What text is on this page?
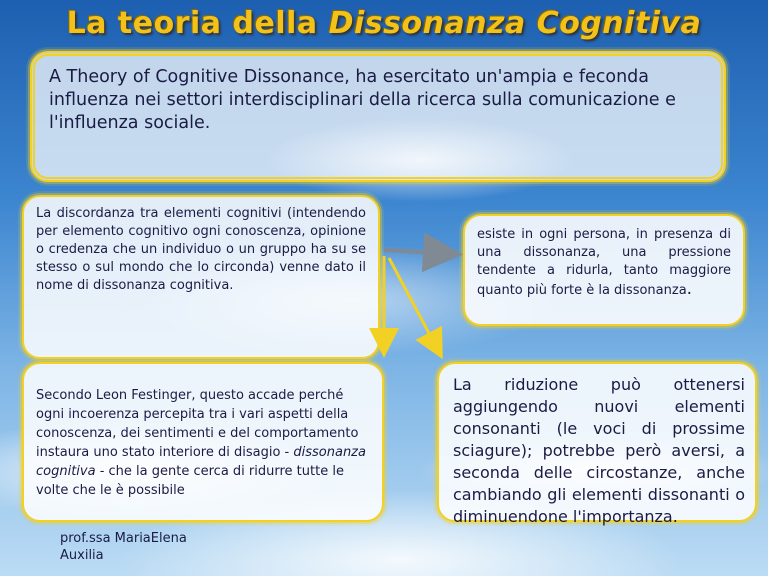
La teoria della Dissonanza Cognitiva
A Theory of Cognitive Dissonance, ha esercitato un'ampia e feconda influenza nei settori interdisciplinari della ricerca sulla comunicazione e l'influenza sociale.
La discordanza tra elementi cognitivi (intendendo per elemento cognitivo ogni conoscenza, opinione o credenza che un individuo o un gruppo ha su se stesso o sul mondo che lo circonda) venne dato il nome di dissonanza cognitiva.
esiste in ogni persona, in presenza di una dissonanza, una pressione tendente a ridurla, tanto maggiore quanto più forte è la dissonanza.
Secondo Leon Festinger, questo accade perché ogni incoerenza percepita tra i vari aspetti della conoscenza, dei sentimenti e del comportamento instaura uno stato interiore di disagio - dissonanza cognitiva - che la gente cerca di ridurre tutte le volte che le è possibile
La riduzione può ottenersi aggiungendo nuovi elementi consonanti (le voci di prossime sciagure); potrebbe però aversi, a seconda delle circostanze, anche cambiando gli elementi dissonanti o diminuendone l'importanza.
prof.ssa MariaElena
Auxilia
